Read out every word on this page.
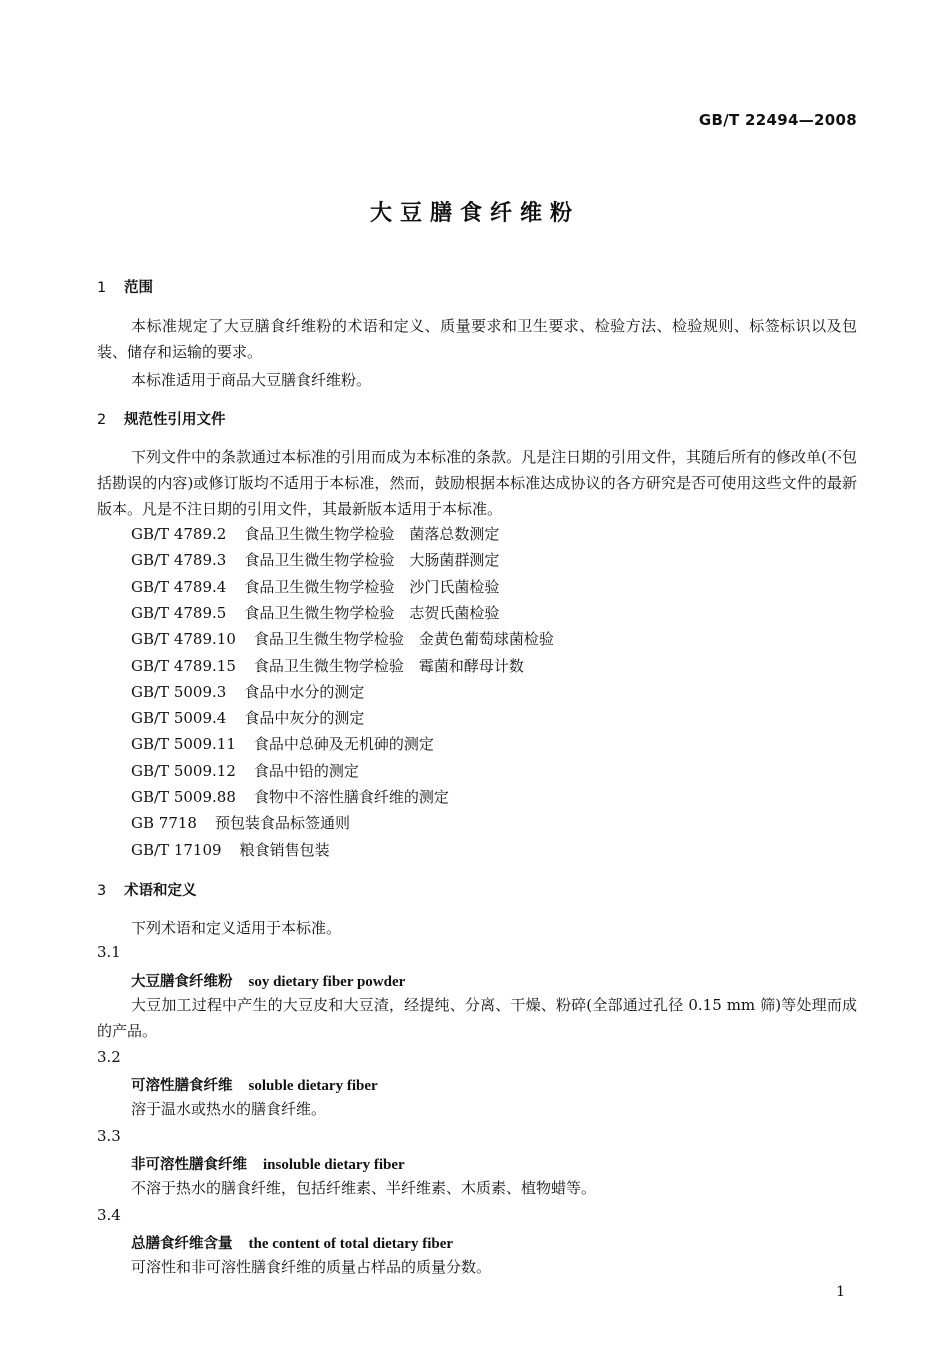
GB/T 22494—2008
大豆膳食纤维粉
1 范围
本标准规定了大豆膳食纤维粉的术语和定义、质量要求和卫生要求、检验方法、检验规则、标签标识以及包装、储存和运输的要求。
本标准适用于商品大豆膳食纤维粉。
2 规范性引用文件
下列文件中的条款通过本标准的引用而成为本标准的条款。凡是注日期的引用文件，其随后所有的修改单(不包括勘误的内容)或修订版均不适用于本标准，然而，鼓励根据本标准达成协议的各方研究是否可使用这些文件的最新版本。凡是不注日期的引用文件，其最新版本适用于本标准。
GB/T 4789.2 食品卫生微生物学检验　菌落总数测定
GB/T 4789.3 食品卫生微生物学检验　大肠菌群测定
GB/T 4789.4 食品卫生微生物学检验　沙门氏菌检验
GB/T 4789.5 食品卫生微生物学检验　志贺氏菌检验
GB/T 4789.10 食品卫生微生物学检验　金黄色葡萄球菌检验
GB/T 4789.15 食品卫生微生物学检验　霉菌和酵母计数
GB/T 5009.3 食品中水分的测定
GB/T 5009.4 食品中灰分的测定
GB/T 5009.11 食品中总砷及无机砷的测定
GB/T 5009.12 食品中铅的测定
GB/T 5009.88 食物中不溶性膳食纤维的测定
GB 7718 预包装食品标签通则
GB/T 17109 粮食销售包装
3 术语和定义
下列术语和定义适用于本标准。
3.1
大豆膳食纤维粉 soy dietary fiber powder
大豆加工过程中产生的大豆皮和大豆渣，经提纯、分离、干燥、粉碎(全部通过孔径 0.15 mm 筛)等处理而成的产品。
3.2
可溶性膳食纤维 soluble dietary fiber
溶于温水或热水的膳食纤维。
3.3
非可溶性膳食纤维 insoluble dietary fiber
不溶于热水的膳食纤维，包括纤维素、半纤维素、木质素、植物蜡等。
3.4
总膳食纤维含量 the content of total dietary fiber
可溶性和非可溶性膳食纤维的质量占样品的质量分数。
1
